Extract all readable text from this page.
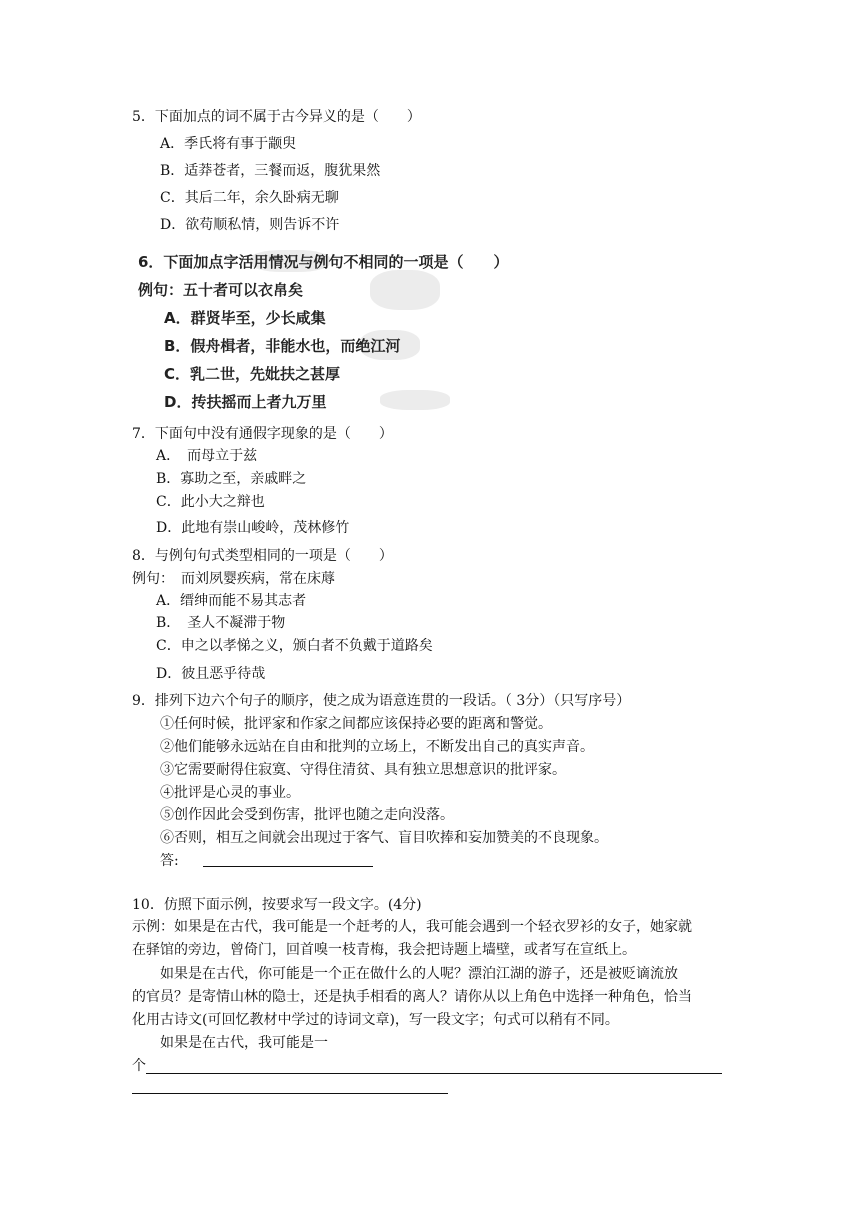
5．下面加点的词不属于古今异义的是（　　）
A．季氏将有事于颛臾
B．适莽苍者，三餐而返，腹犹果然
C．其后二年，余久卧病无聊
D．欲苟顺私情，则告诉不许
6．下面加点字活用情况与例句不相同的一项是（　　）
例句：五十者可以衣帛矣
A．群贤毕至，少长咸集
B．假舟楫者，非能水也，而绝江河
C．乳二世，先妣扶之甚厚
D．抟扶摇而上者九万里
7．下面句中没有通假字现象的是（　　）
A．　而母立于兹
B．寡助之至，亲戚畔之
C．此小大之辩也
D．此地有崇山峻岭，茂林修竹
8．与例句句式类型相同的一项是（　　）
例句：　而刘夙婴疾病，常在床蓐
A．缙绅而能不易其志者
B．　圣人不凝滞于物
C．申之以孝悌之义，颁白者不负戴于道路矣
D．彼且恶乎待哉
9．排列下边六个句子的顺序，使之成为语意连贯的一段话。（ 3分）（只写序号）
①任何时候，批评家和作家之间都应该保持必要的距离和警觉。
②他们能够永远站在自由和批判的立场上，不断发出自己的真实声音。
③它需要耐得住寂寞、守得住清贫、具有独立思想意识的批评家。
④批评是心灵的事业。
⑤创作因此会受到伤害，批评也随之走向没落。
⑥否则，相互之间就会出现过于客气、盲目吹捧和妄加赞美的不良现象。
答:
10．仿照下面示例，按要求写一段文字。(4分)
示例：如果是在古代，我可能是一个赶考的人，我可能会遇到一个轻衣罗衫的女子，她家就
在驿馆的旁边，曾倚门，回首嗅一枝青梅，我会把诗题上墙壁，或者写在宣纸上。
如果是在古代，你可能是一个正在做什么的人呢？漂泊江湖的游子，还是被贬谪流放
的官员？是寄情山林的隐士，还是执手相看的离人？请你从以上角色中选择一种角色，恰当
化用古诗文(可回忆教材中学过的诗词文章)，写一段文字；句式可以稍有不同。
如果是在古代，我可能是一
个
